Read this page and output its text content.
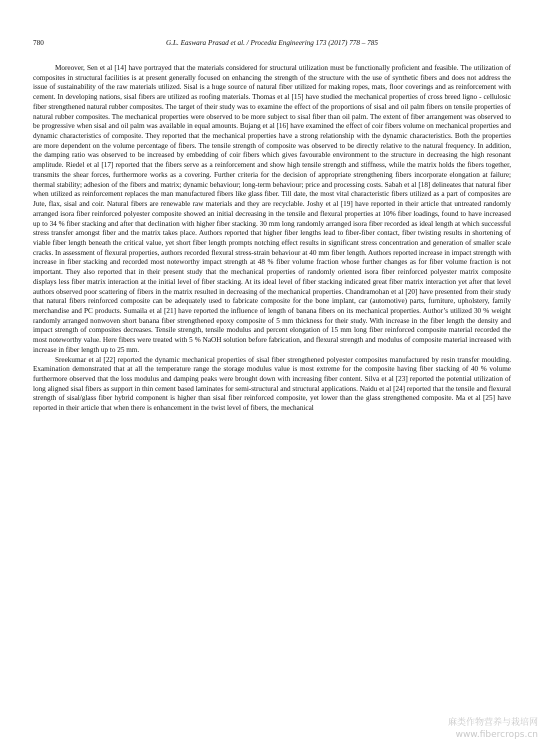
780	G.L. Easwara Prasad et al. / Procedia Engineering 173 (2017) 778 – 785

Moreover, Sen et al [14] have portrayed that the materials considered for structural utilization must be functionally proficient and feasible. The utilization of composites in structural facilities is at present generally focused on enhancing the strength of the structure with the use of synthetic fibers and does not address the issue of sustainability of the raw materials utilized. Sisal is a huge source of natural fiber utilized for making ropes, mats, floor coverings and as reinforcement with cement. In developing nations, sisal fibers are utilized as roofing materials. Thomas et al [15] have studied the mechanical properties of cross breed ligno - cellulosic fiber strengthened natural rubber composites. The target of their study was to examine the effect of the proportions of sisal and oil palm fibers on tensile properties of natural rubber composites. The mechanical properties were observed to be more subject to sisal fiber than oil palm. The extent of fiber arrangement was observed to be progressive when sisal and oil palm was available in equal amounts. Bujang et al [16] have examined the effect of coir fibers volume on mechanical properties and dynamic characteristics of composite. They reported that the mechanical properties have a strong relationship with the dynamic characteristics. Both the properties are more dependent on the volume percentage of fibers. The tensile strength of composite was observed to be directly relative to the natural frequency. In addition, the damping ratio was observed to be increased by embedding of coir fibers which gives favourable environment to the structure in decreasing the high resonant amplitude. Riedel et al [17] reported that the fibers serve as a reinforcement and show high tensile strength and stiffness, while the matrix holds the fibers together, transmits the shear forces, furthermore works as a covering. Further criteria for the decision of appropriate strengthening fibers incorporate elongation at failure; thermal stability; adhesion of the fibers and matrix; dynamic behaviour; long-term behaviour; price and processing costs. Sabah et al [18] delineates that natural fiber when utilized as reinforcement replaces the man manufactured fibers like glass fiber. Till date, the most vital characteristic fibers utilized as a part of composites are Jute, flax, sisal and coir. Natural fibers are renewable raw materials and they are recyclable. Joshy et al [19] have reported in their article that untreated randomly arranged isora fiber reinforced polyester composite showed an initial decreasing in the tensile and flexural properties at 10% fiber loadings, found to have increased up to 34 % fiber stacking and after that declination with higher fiber stacking. 30 mm long randomly arranged isora fiber recorded as ideal length at which successful stress transfer amongst fiber and the matrix takes place. Authors reported that higher fiber lengths lead to fiber-fiber contact, fiber twisting results in shortening of viable fiber length beneath the critical value, yet short fiber length prompts notching effect results in significant stress concentration and generation of smaller scale cracks. In assessment of flexural properties, authors recorded flexural stress-strain behaviour at 40 mm fiber length. Authors reported increase in impact strength with increase in fiber stacking and recorded most noteworthy impact strength at 48 % fiber volume fraction whose further changes as for fiber volume fraction is not important. They also reported that in their present study that the mechanical properties of randomly oriented isora fiber reinforced polyester matrix composite displays less fiber matrix interaction at the initial level of fiber stacking. At its ideal level of fiber stacking indicated great fiber matrix interaction yet after that level authors observed poor scattering of fibers in the matrix resulted in decreasing of the mechanical properties. Chandramohan et al [20] have presented from their study that natural fibers reinforced composite can be adequately used to fabricate composite for the bone implant, car (automotive) parts, furniture, upholstery, family merchandise and PC products. Sumaila et al [21] have reported the influence of length of banana fibers on its mechanical properties. Author’s utilized 30 % weight randomly arranged nonwoven short banana fiber strengthened epoxy composite of 5 mm thickness for their study. With increase in the fiber length the density and impact strength of composites decreases. Tensile strength, tensile modulus and percent elongation of 15 mm long fiber reinforced composite material recorded the most noteworthy value. Here fibers were treated with 5 % NaOH solution before fabrication, and flexural strength and modulus of composite material increased with increase in fiber length up to 25 mm.

Sreekumar et al [22] reported the dynamic mechanical properties of sisal fiber strengthened polyester composites manufactured by resin transfer moulding. Examination demonstrated that at all the temperature range the storage modulus value is most extreme for the composite having fiber stacking of 40 % volume furthermore observed that the loss modulus and damping peaks were brought down with increasing fiber content. Silva et al [23] reported the potential utilization of long aligned sisal fibers as support in thin cement based laminates for semi-structural and structural applications. Naidu et al [24] reported that the tensile and flexural strength of sisal/glass fiber hybrid component is higher than sisal fiber reinforced composite, yet lower than the glass strengthened composite. Ma et al [25] have reported in their article that when there is enhancement in the twist level of fibers, the mechanical

麻类作物营养与栽培网
www.fibercrops.cn
